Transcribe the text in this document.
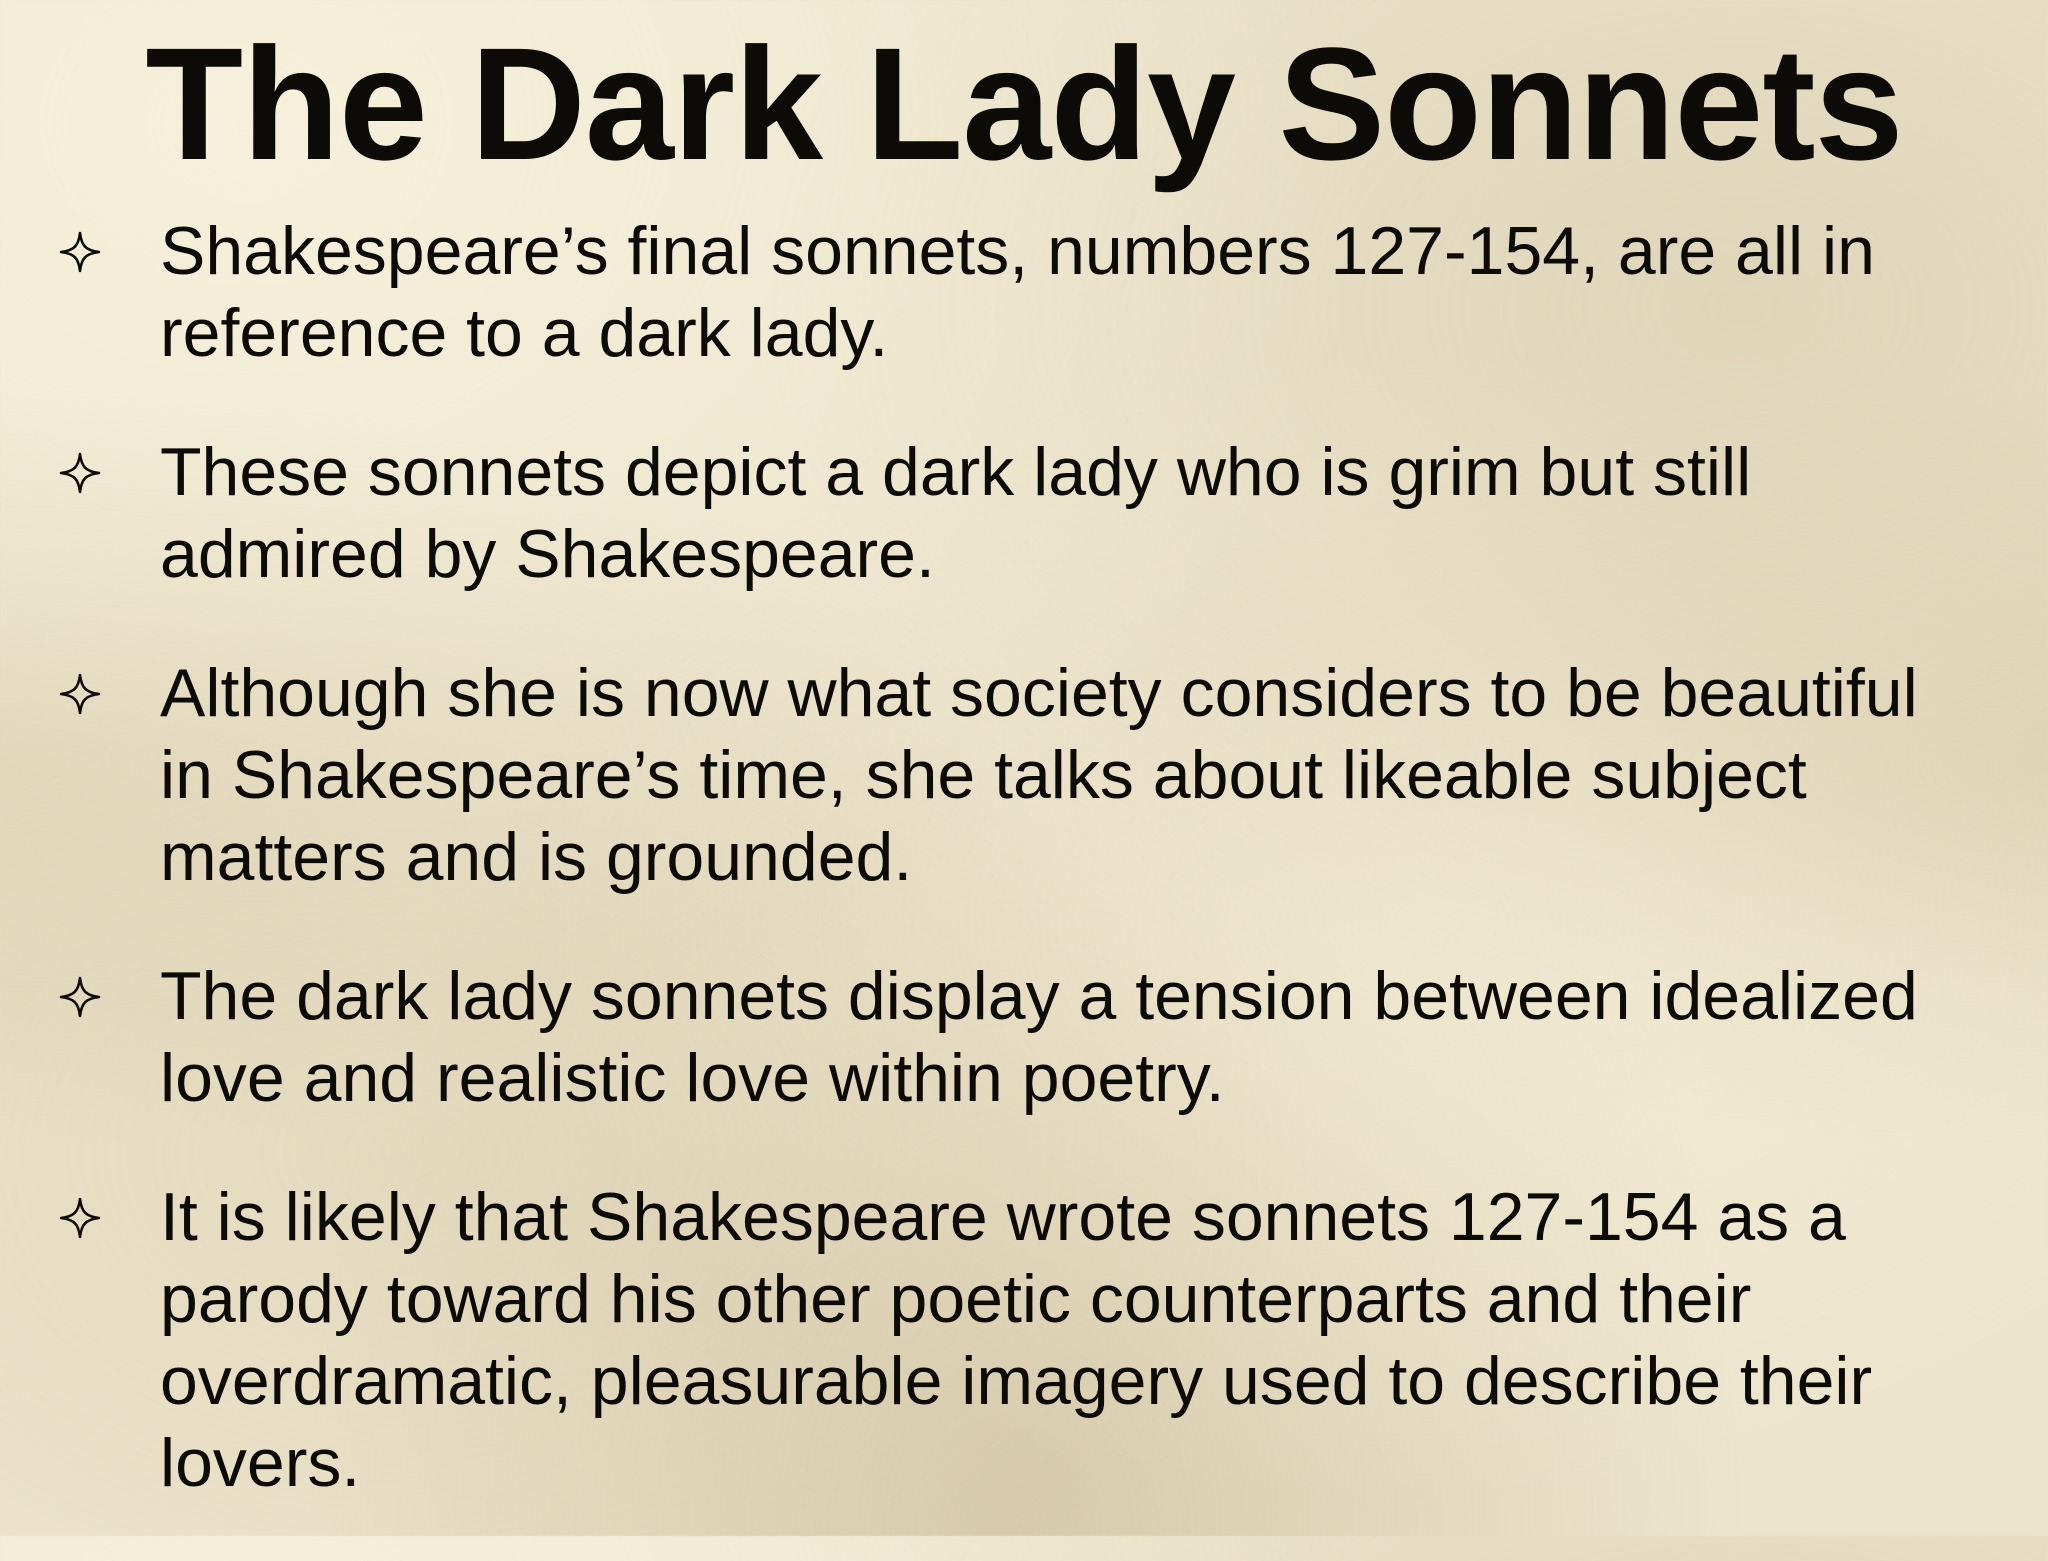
The Dark Lady Sonnets
Shakespeare’s final sonnets, numbers 127-154, are all in reference to a dark lady.
These sonnets depict a dark lady who is grim but still admired by Shakespeare.
Although she is now what society considers to be beautiful in Shakespeare’s time, she talks about likeable subject matters and is grounded.
The dark lady sonnets display a tension between idealized love and realistic love within poetry.
It is likely that Shakespeare wrote sonnets 127-154 as a parody toward his other poetic counterparts and their overdramatic, pleasurable imagery used to describe their lovers.
